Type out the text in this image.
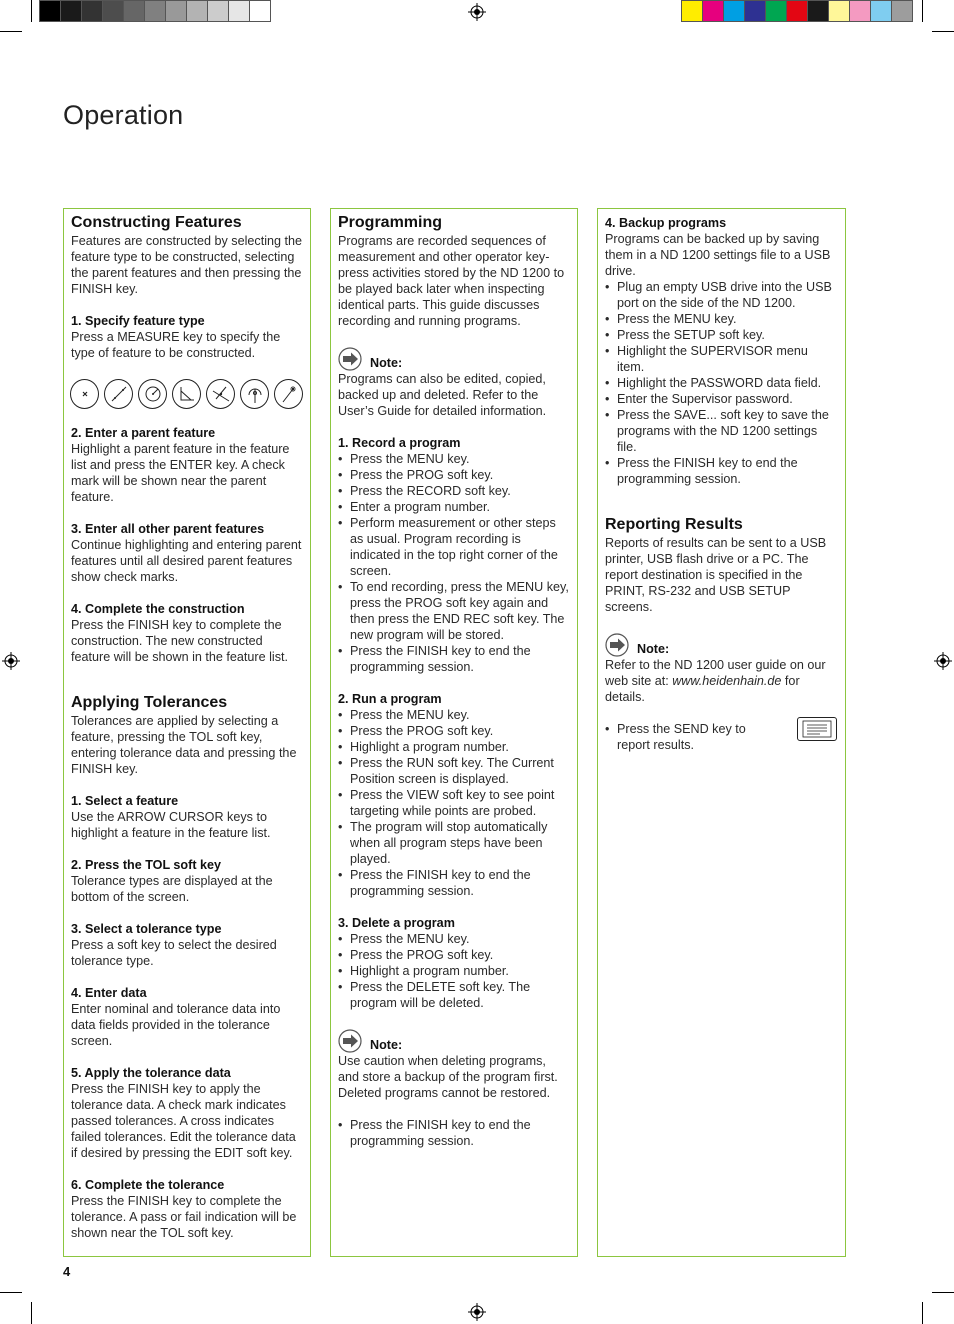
Operation
Constructing Features

Features are constructed by selecting the feature type to be constructed, selecting the parent features and then pressing the FINISH key.

1. Specify feature type

Press a MEASURE key to specify the type of feature to be constructed.

2. Enter a parent feature

Highlight a parent feature in the feature list and press the ENTER key. A check mark will be shown near the parent feature.

3. Enter all other parent features

Continue highlighting and entering parent features until all desired parent features show check marks.

4. Complete the construction

Press the FINISH key to complete the construction. The new constructed feature will be shown in the feature list.

Applying Tolerances

Tolerances are applied by selecting a feature, pressing the TOL soft key, entering tolerance data and pressing the FINISH key.

1. Select a feature

Use the ARROW CURSOR keys to highlight a feature in the feature list.

2. Press the TOL soft key

Tolerance types are displayed at the bottom of the screen.

3. Select a tolerance type

Press a soft key to select the desired tolerance type.

4. Enter data

Enter nominal and tolerance data into data fields provided in the tolerance screen.

5. Apply the tolerance data

Press the FINISH key to apply the tolerance data. A check mark indicates passed tolerances. A cross indicates failed tolerances. Edit the tolerance data if desired by pressing the EDIT soft key.

6. Complete the tolerance

Press the FINISH key to complete the tolerance. A pass or fail indication will be shown near the TOL soft key.

Programming

Programs are recorded sequences of measurement and other operator key-press activities stored by the ND 1200 to be played back later when inspecting identical parts. This guide discusses recording and running programs.

Note:

Programs can also be edited, copied, backed up and deleted. Refer to the User’s Guide for detailed information.

1. Record a program
• Press the MENU key.
• Press the PROG soft key.
• Press the RECORD soft key.
• Enter a program number.
• Perform measurement or other steps as usual. Program recording is indicated in the top right corner of the screen.
• To end recording, press the MENU key, press the PROG soft key again and then press the END REC soft key. The new program will be stored.
• Press the FINISH key to end the programming session.
2. Run a program
• Press the MENU key.
• Press the PROG soft key.
• Highlight a program number.
• Press the RUN soft key. The Current Position screen is displayed.
• Press the VIEW soft key to see point targeting while points are probed.
• The program will stop automatically when all program steps have been played.
• Press the FINISH key to end the programming session.
3. Delete a program
• Press the MENU key.
• Press the PROG soft key.
• Highlight a program number.
• Press the DELETE soft key. The program will be deleted.
Note:

Use caution when deleting programs, and store a backup of the program first. Deleted programs cannot be restored.

• Press the FINISH key to end the programming session.
4. Backup programs

Programs can be backed up by saving them in a ND 1200 settings file to a USB drive.

• Plug an empty USB drive into the USB port on the side of the ND 1200.
• Press the MENU key.
• Press the SETUP soft key.
• Highlight the SUPERVISOR menu item.
• Highlight the PASSWORD data field.
• Enter the Supervisor password.
• Press the SAVE... soft key to save the programs with the ND 1200 settings file.
• Press the FINISH key to end the programming session.
Reporting Results

Reports of results can be sent to a USB printer, USB flash drive or a PC. The report destination is specified in the PRINT, RS-232 and USB SETUP screens.

Note:

Refer to the ND 1200 user guide on our web site at: www.heidenhain.de for details.

• Press the SEND key to report results.
4
